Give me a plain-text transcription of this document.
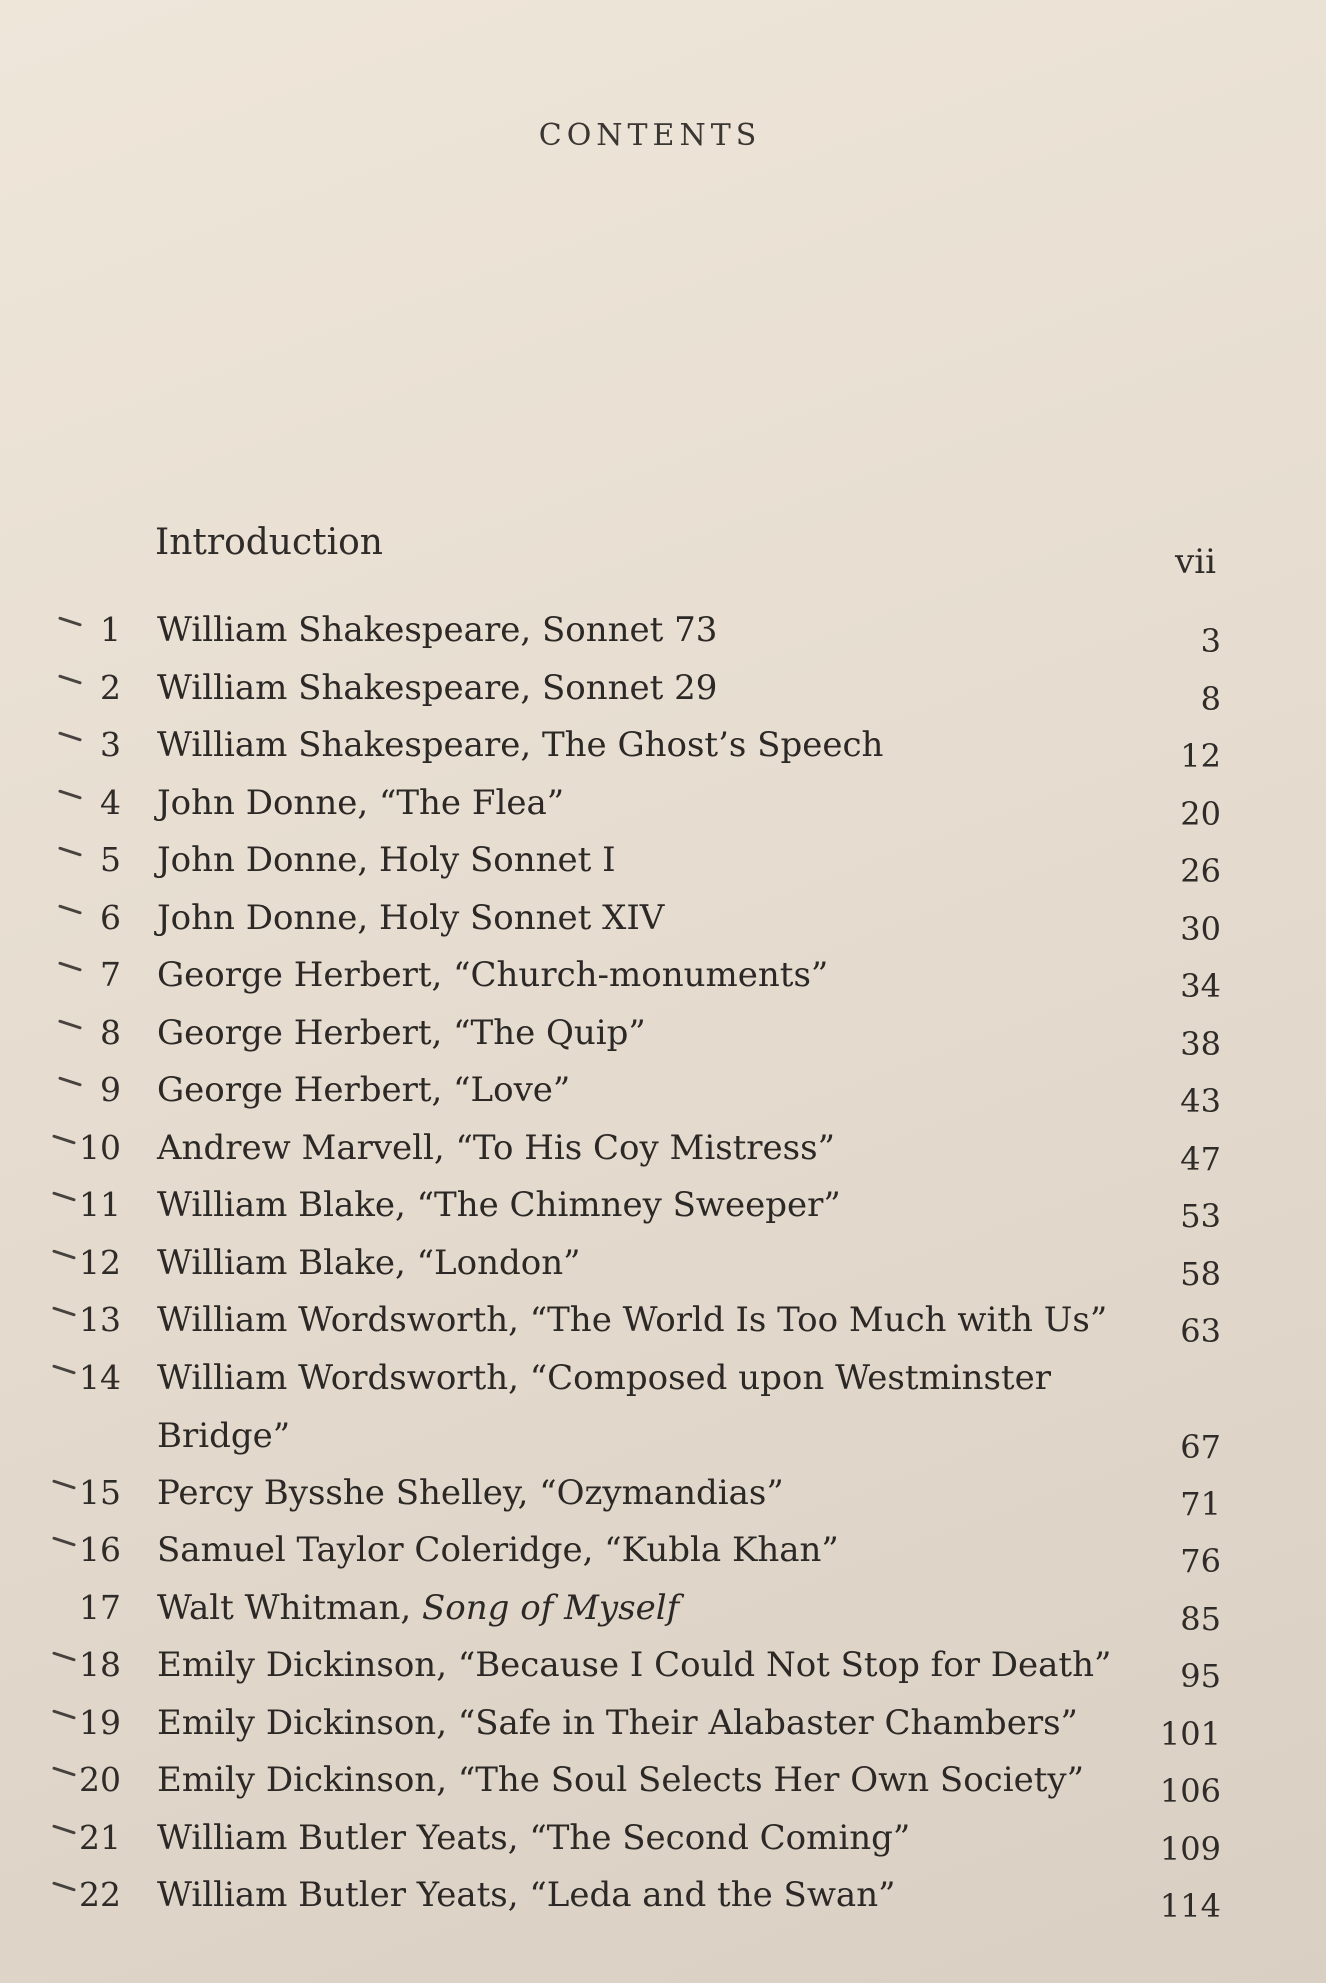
CONTENTS
Introduction	vii
1 William Shakespeare, Sonnet 73	3
2 William Shakespeare, Sonnet 29	8
3 William Shakespeare, The Ghost’s Speech	12
4 John Donne, “The Flea”	20
5 John Donne, Holy Sonnet I	26
6 John Donne, Holy Sonnet XIV	30
7 George Herbert, “Church-monuments”	34
8 George Herbert, “The Quip”	38
9 George Herbert, “Love”	43
10 Andrew Marvell, “To His Coy Mistress”	47
11 William Blake, “The Chimney Sweeper”	53
12 William Blake, “London”	58
13 William Wordsworth, “The World Is Too Much with Us” 63
14 William Wordsworth, “Composed upon Westminster
Bridge”	67
15 Percy Bysshe Shelley, “Ozymandias”	71
16 Samuel Taylor Coleridge, “Kubla Khan”	76
17 Walt Whitman, Song of Myself	85
18 Emily Dickinson, “Because I Could Not Stop for Death” 95
19 Emily Dickinson, “Safe in Their Alabaster Chambers”	101
20 Emily Dickinson, “The Soul Selects Her Own Society” 106
21 William Butler Yeats, “The Second Coming”	109
22 William Butler Yeats, “Leda and the Swan”	114
